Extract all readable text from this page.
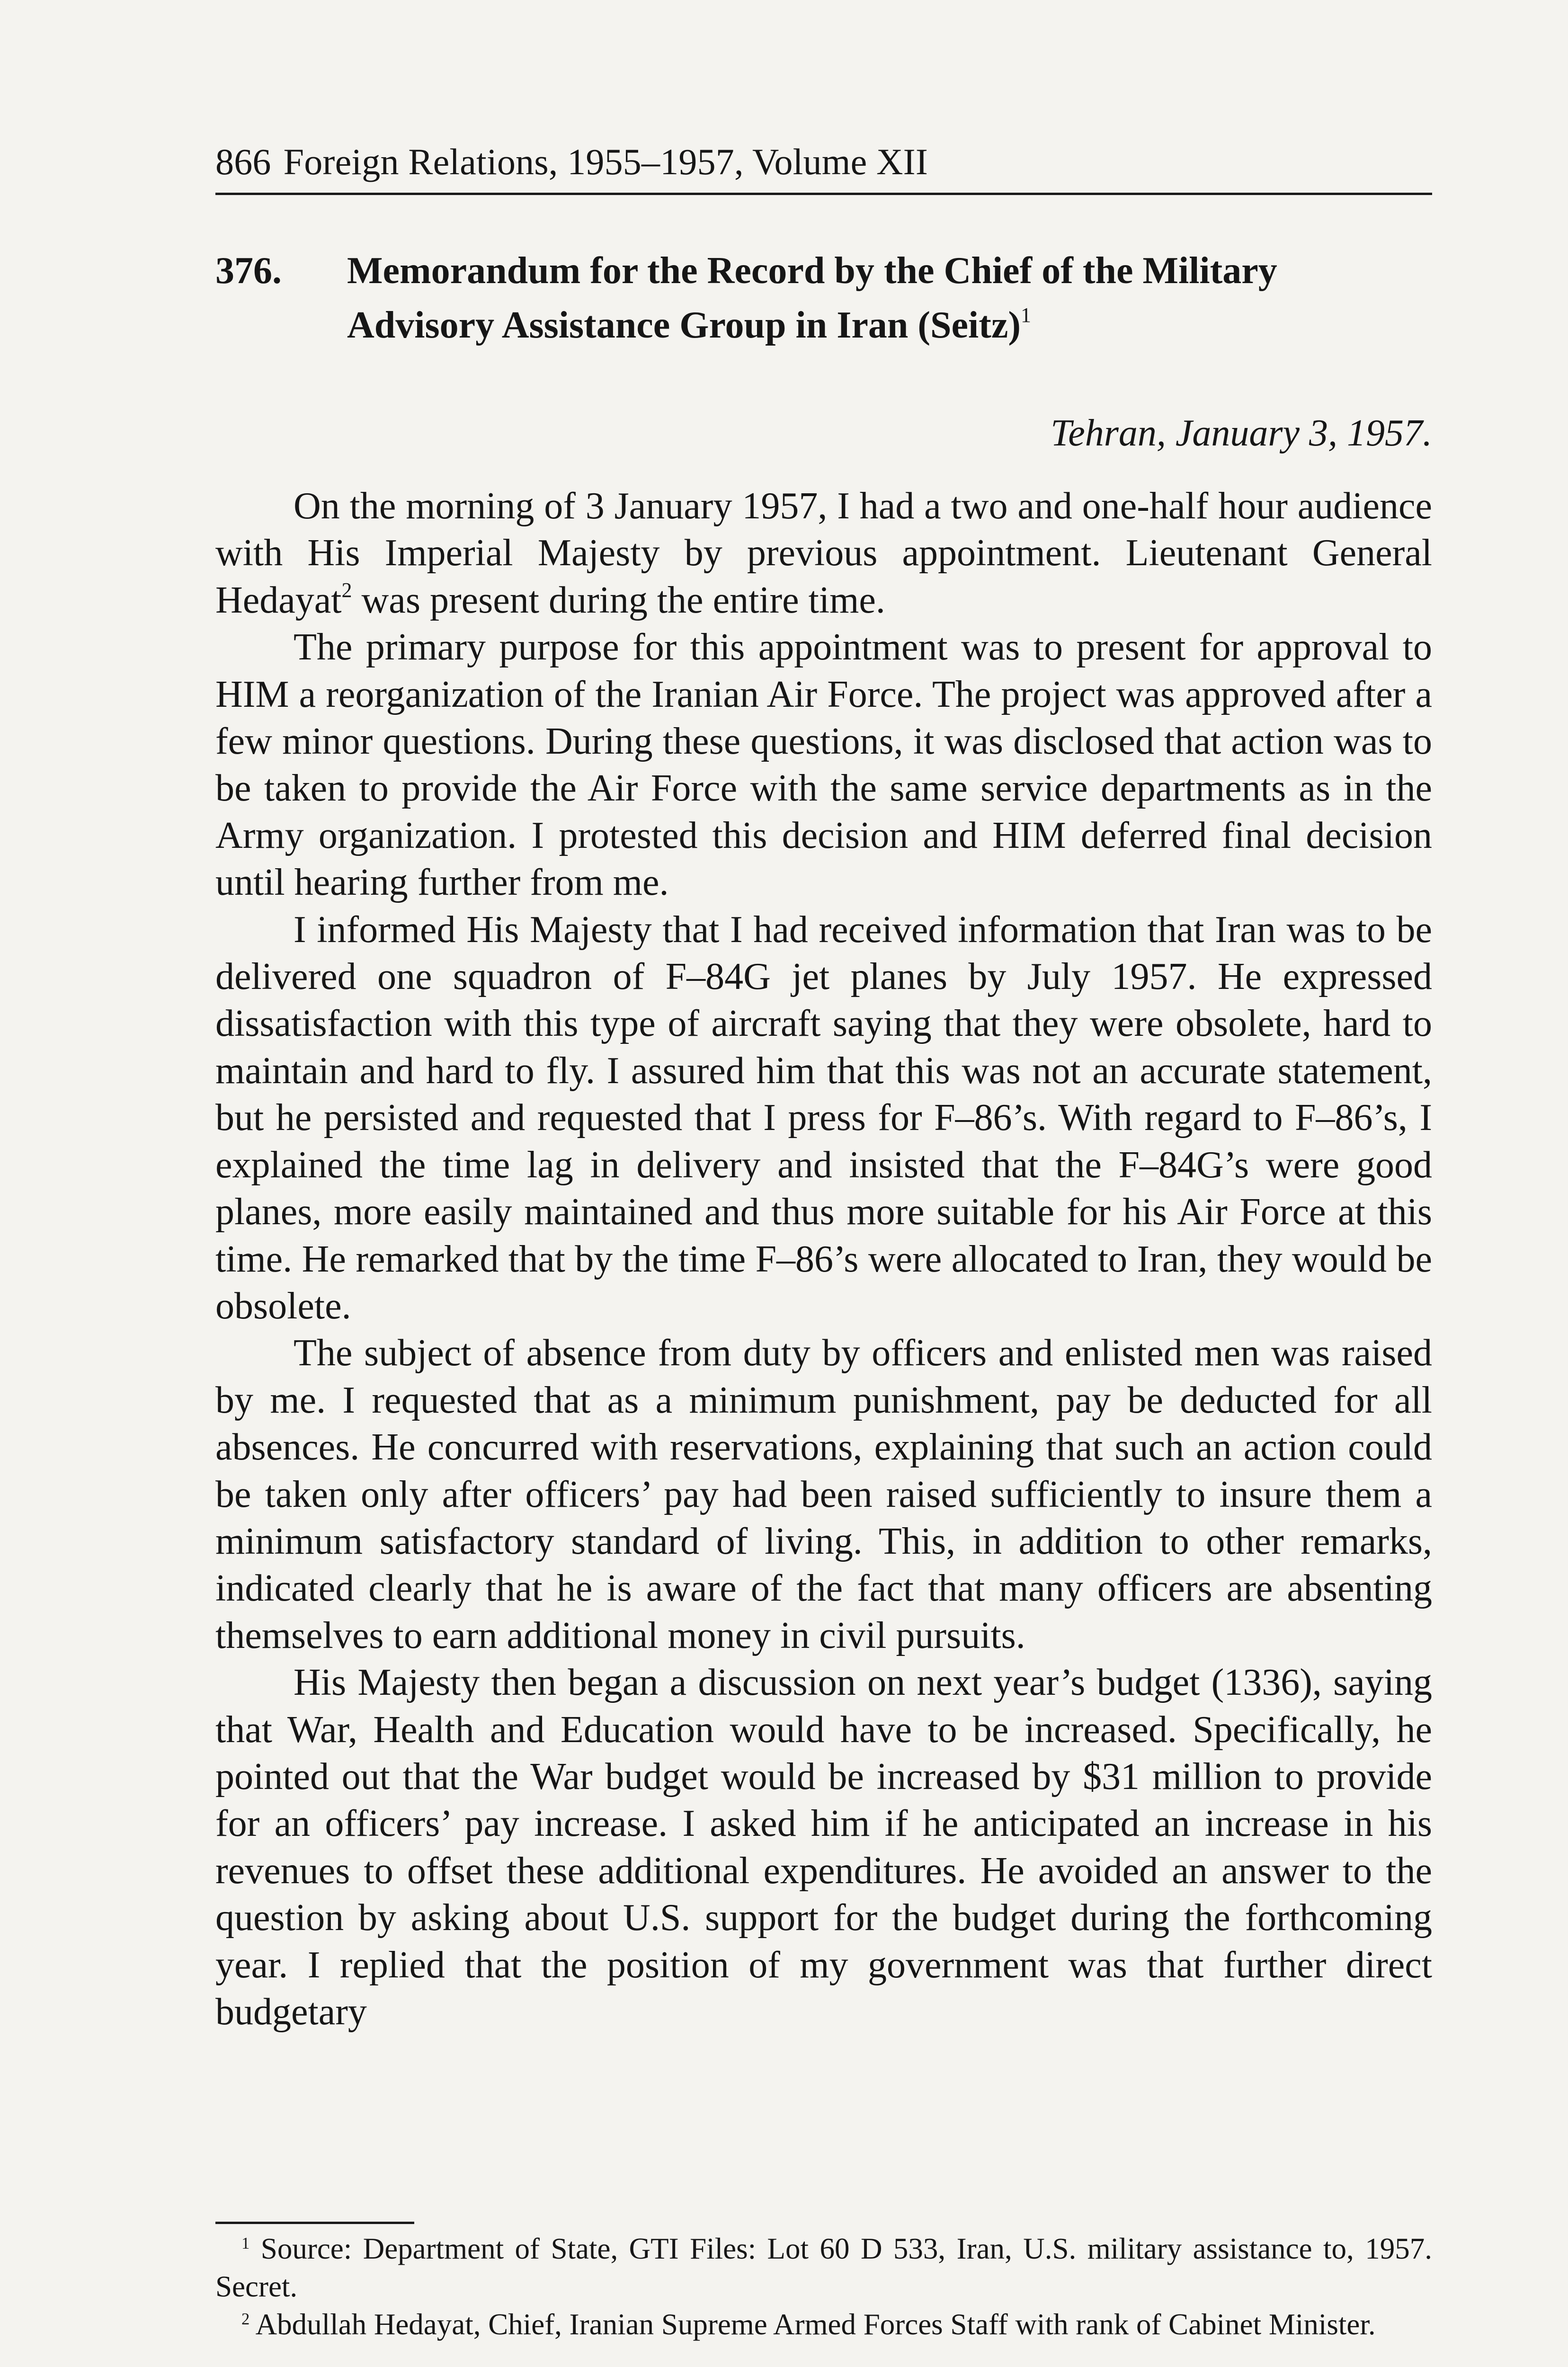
866 Foreign Relations, 1955–1957, Volume XII
376. Memorandum for the Record by the Chief of the Military Advisory Assistance Group in Iran (Seitz)$^1$
Tehran, January 3, 1957.

On the morning of 3 January 1957, I had a two and one-half hour audience with His Imperial Majesty by previous appointment. Lieutenant General Hedayat$^2$ was present during the entire time.

The primary purpose for this appointment was to present for approval to HIM a reorganization of the Iranian Air Force. The project was approved after a few minor questions. During these questions, it was disclosed that action was to be taken to provide the Air Force with the same service departments as in the Army organization. I protested this decision and HIM deferred final decision until hearing further from me.

I informed His Majesty that I had received information that Iran was to be delivered one squadron of F–84G jet planes by July 1957. He expressed dissatisfaction with this type of aircraft saying that they were obsolete, hard to maintain and hard to fly. I assured him that this was not an accurate statement, but he persisted and requested that I press for F–86’s. With regard to F–86’s, I explained the time lag in delivery and insisted that the F–84G’s were good planes, more easily maintained and thus more suitable for his Air Force at this time. He remarked that by the time F–86’s were allocated to Iran, they would be obsolete.

The subject of absence from duty by officers and enlisted men was raised by me. I requested that as a minimum punishment, pay be deducted for all absences. He concurred with reservations, explaining that such an action could be taken only after officers’ pay had been raised sufficiently to insure them a minimum satisfactory standard of living. This, in addition to other remarks, indicated clearly that he is aware of the fact that many officers are absenting themselves to earn additional money in civil pursuits.

His Majesty then began a discussion on next year’s budget (1336), saying that War, Health and Education would have to be increased. Specifically, he pointed out that the War budget would be increased by $31 million to provide for an officers’ pay increase. I asked him if he anticipated an increase in his revenues to offset these additional expenditures. He avoided an answer to the question by asking about U.S. support for the budget during the forthcoming year. I replied that the position of my government was that further direct budgetary

$^1$ Source: Department of State, GTI Files: Lot 60 D 533, Iran, U.S. military assistance to, 1957. Secret.

$^2$ Abdullah Hedayat, Chief, Iranian Supreme Armed Forces Staff with rank of Cabinet Minister.
